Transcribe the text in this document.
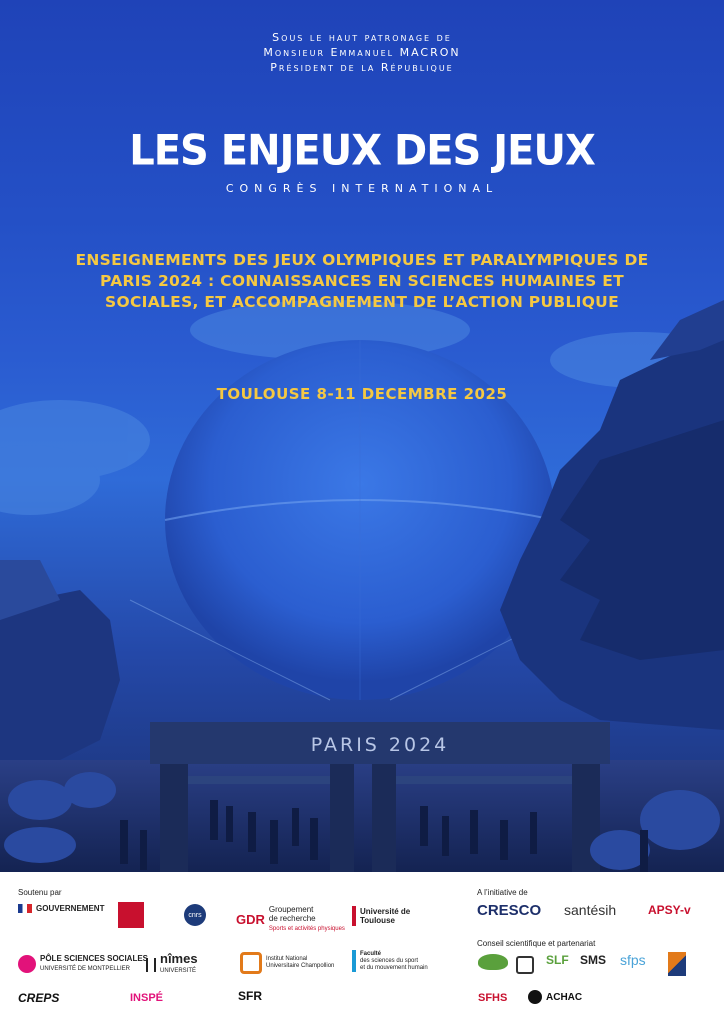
Sous le haut patronage de
Monsieur Emmanuel MACRON
Président de la République
LES ENJEUX DES JEUX
CONGRÈS INTERNATIONAL
ENSEIGNEMENTS DES JEUX OLYMPIQUES ET PARALYMPIQUES DE
PARIS 2024 : CONNAISSANCES EN SCIENCES HUMAINES ET
SOCIALES, ET ACCOMPAGNEMENT DE L’ACTION PUBLIQUE
TOULOUSE 8-11 DECEMBRE 2025
PARIS 2024
Soutenu par	A l’initiative de
Conseil scientifique et partenariat
GOUVERNEMENT
cnrs	GDR
Groupement
de recherche
Sports et activités physiques
Université de Toulouse
CRESCO santésih	APSY-v
PÔLE SCIENCES SOCIALES
UNIVERSITÉ DE MONTPELLIER
nîmes
UNIVERSITÉ
Institut National Universitaire Champollion
Faculté
des sciences du sport
et du mouvement humain
SLF SMS sfps
CREPS	INSPÉ	SFR	SFHS	ACHAC
